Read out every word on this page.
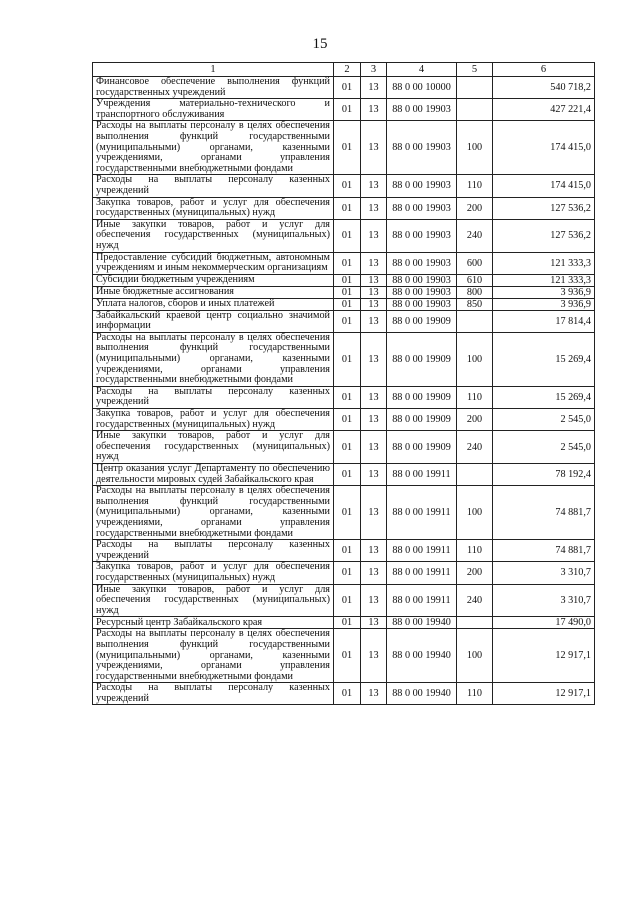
15
1	2	3	4	5	6
Финансовое обеспечение выполнения функций государственных учреждений	01	13	88 0 00 10000		540 718,2
Учреждения материально-технического и транспортного обслуживания	01	13	88 0 00 19903		427 221,4
Расходы на выплаты персоналу в целях обеспечения выполнения функций государственными (муниципальными) органами, казенными учреждениями, органами управления государственными внебюджетными фондами	01	13	88 0 00 19903	100	174 415,0
Расходы на выплаты персоналу казенных учреждений	01	13	88 0 00 19903	110	174 415,0
Закупка товаров, работ и услуг для обеспечения государственных (муниципальных) нужд	01	13	88 0 00 19903	200	127 536,2
Иные закупки товаров, работ и услуг для обеспечения государственных (муниципальных) нужд	01	13	88 0 00 19903	240	127 536,2
Предоставление субсидий бюджетным, автономным учреждениям и иным некоммерческим организациям	01	13	88 0 00 19903	600	121 333,3
Субсидии бюджетным учреждениям	01	13	88 0 00 19903	610	121 333,3
Иные бюджетные ассигнования	01	13	88 0 00 19903	800	3 936,9
Уплата налогов, сборов и иных платежей	01	13	88 0 00 19903	850	3 936,9
Забайкальский краевой центр социально значимой информации	01	13	88 0 00 19909		17 814,4
Расходы на выплаты персоналу в целях обеспечения выполнения функций государственными (муниципальными) органами, казенными учреждениями, органами управления государственными внебюджетными фондами	01	13	88 0 00 19909	100	15 269,4
Расходы на выплаты персоналу казенных учреждений	01	13	88 0 00 19909	110	15 269,4
Закупка товаров, работ и услуг для обеспечения государственных (муниципальных) нужд	01	13	88 0 00 19909	200	2 545,0
Иные закупки товаров, работ и услуг для обеспечения государственных (муниципальных) нужд	01	13	88 0 00 19909	240	2 545,0
Центр оказания услуг Департаменту по обеспечению деятельности мировых судей Забайкальского края	01	13	88 0 00 19911		78 192,4
Расходы на выплаты персоналу в целях обеспечения выполнения функций государственными (муниципальными) органами, казенными учреждениями, органами управления государственными внебюджетными фондами	01	13	88 0 00 19911	100	74 881,7
Расходы на выплаты персоналу казенных учреждений	01	13	88 0 00 19911	110	74 881,7
Закупка товаров, работ и услуг для обеспечения государственных (муниципальных) нужд	01	13	88 0 00 19911	200	3 310,7
Иные закупки товаров, работ и услуг для обеспечения государственных (муниципальных) нужд	01	13	88 0 00 19911	240	3 310,7
Ресурсный центр Забайкальского края	01	13	88 0 00 19940		17 490,0
Расходы на выплаты персоналу в целях обеспечения выполнения функций государственными (муниципальными) органами, казенными учреждениями, органами управления государственными внебюджетными фондами	01	13	88 0 00 19940	100	12 917,1
Расходы на выплаты персоналу казенных учреждений	01	13	88 0 00 19940	110	12 917,1
